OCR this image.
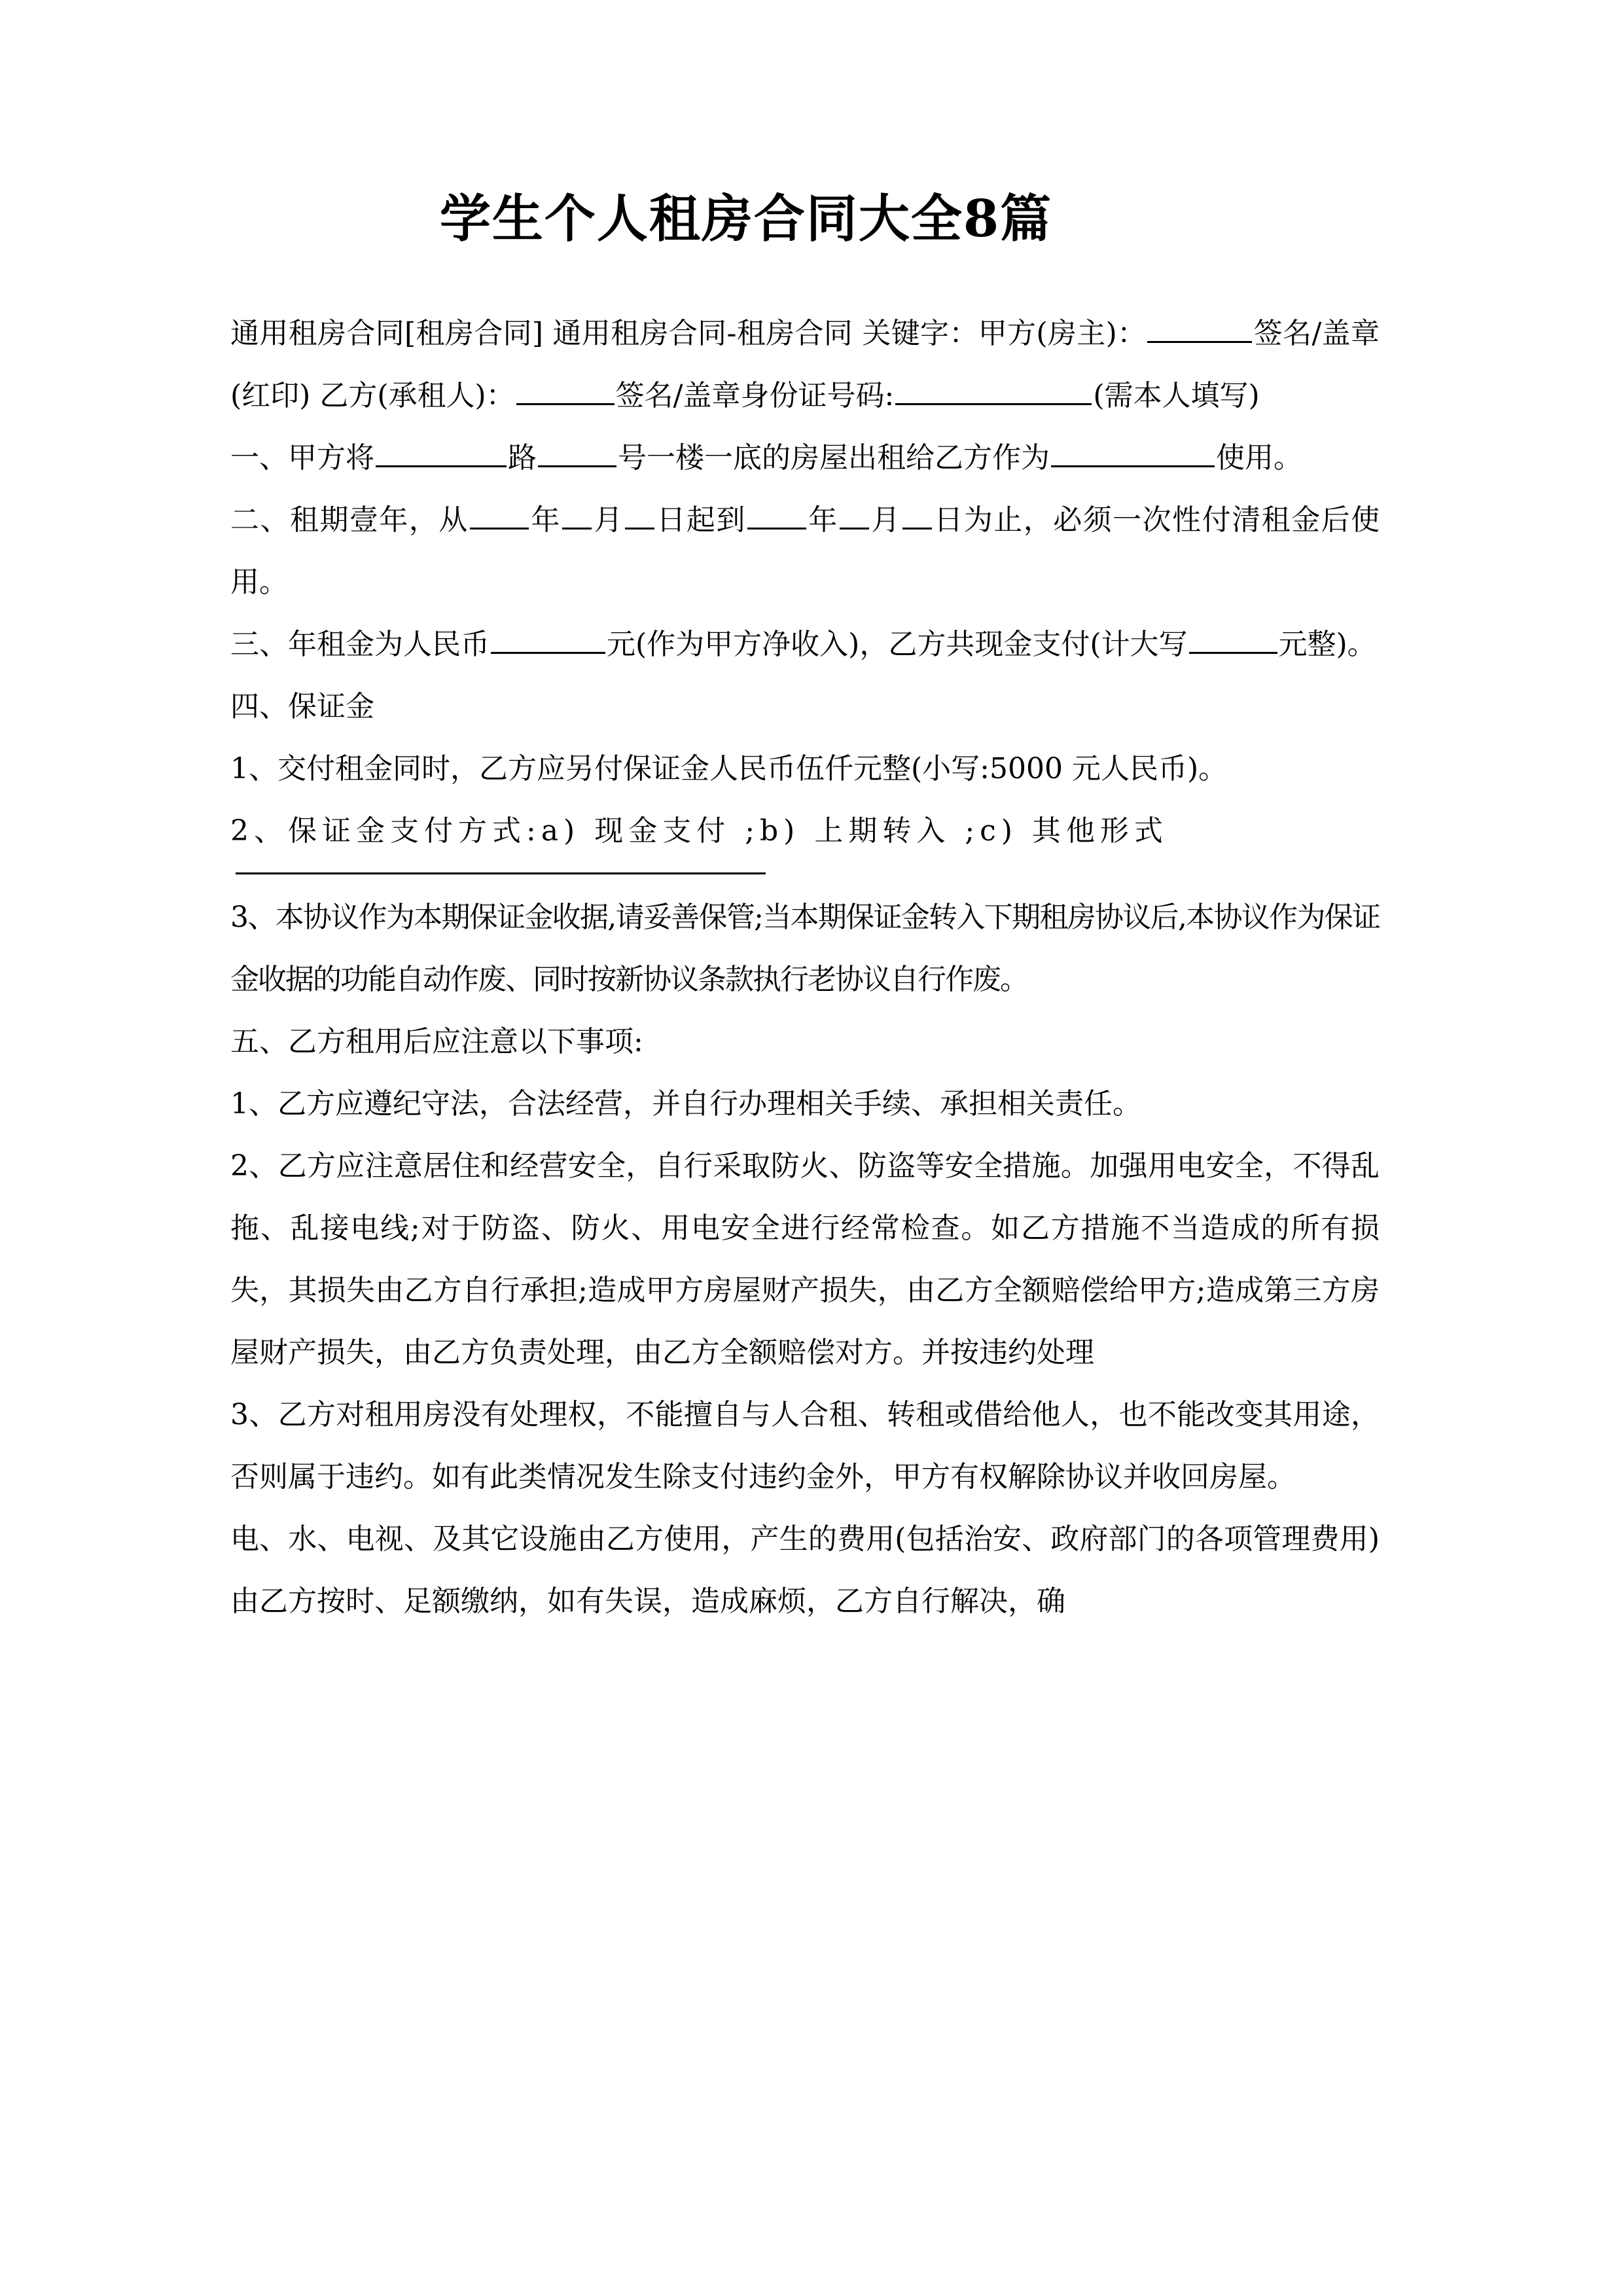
学生个人租房合同大全8篇

通用租房合同[租房合同] 通用租房合同-租房合同 关键字：甲方(房主)：	签名/盖章(红印) 乙方(承租人)：	签名/盖章身份证号码:	(需本人填写)

一、甲方将	路	号一楼一底的房屋出租给乙方作为	使用。

二、租期壹年，从 年 月 日起到 年 月 日为止，必须一次性付清租金后使用。

三、年租金为人民币	元(作为甲方净收入)，乙方共现金支付(计大写	元整)。

四、保证金

1、交付租金同时，乙方应另付保证金人民币伍仟元整(小写:5000 元人民币)。

2、保证金支付方式:a) 现金支付 ;b) 上期转入 ;c) 其他形式

3、本协议作为本期保证金收据,请妥善保管;当本期保证金转入下期租房协议后,本协议作为保证金收据的功能自动作废、同时按新协议条款执行老协议自行作废。

五、乙方租用后应注意以下事项:

1、乙方应遵纪守法，合法经营，并自行办理相关手续、承担相关责任。

2、乙方应注意居住和经营安全，自行采取防火、防盗等安全措施。加强用电安全，不得乱拖、乱接电线;对于防盗、防火、用电安全进行经常检查。如乙方措施不当造成的所有损失，其损失由乙方自行承担;造成甲方房屋财产损失，由乙方全额赔偿给甲方;造成第三方房屋财产损失，由乙方负责处理，由乙方全额赔偿对方。并按违约处理

3、乙方对租用房没有处理权，不能擅自与人合租、转租或借给他人，也不能改变其用途，否则属于违约。如有此类情况发生除支付违约金外，甲方有权解除协议并收回房屋。

电、水、电视、及其它设施由乙方使用，产生的费用(包括治安、政府部门的各项管理费用)由乙方按时、足额缴纳，如有失误，造成麻烦，乙方自行解决，确
